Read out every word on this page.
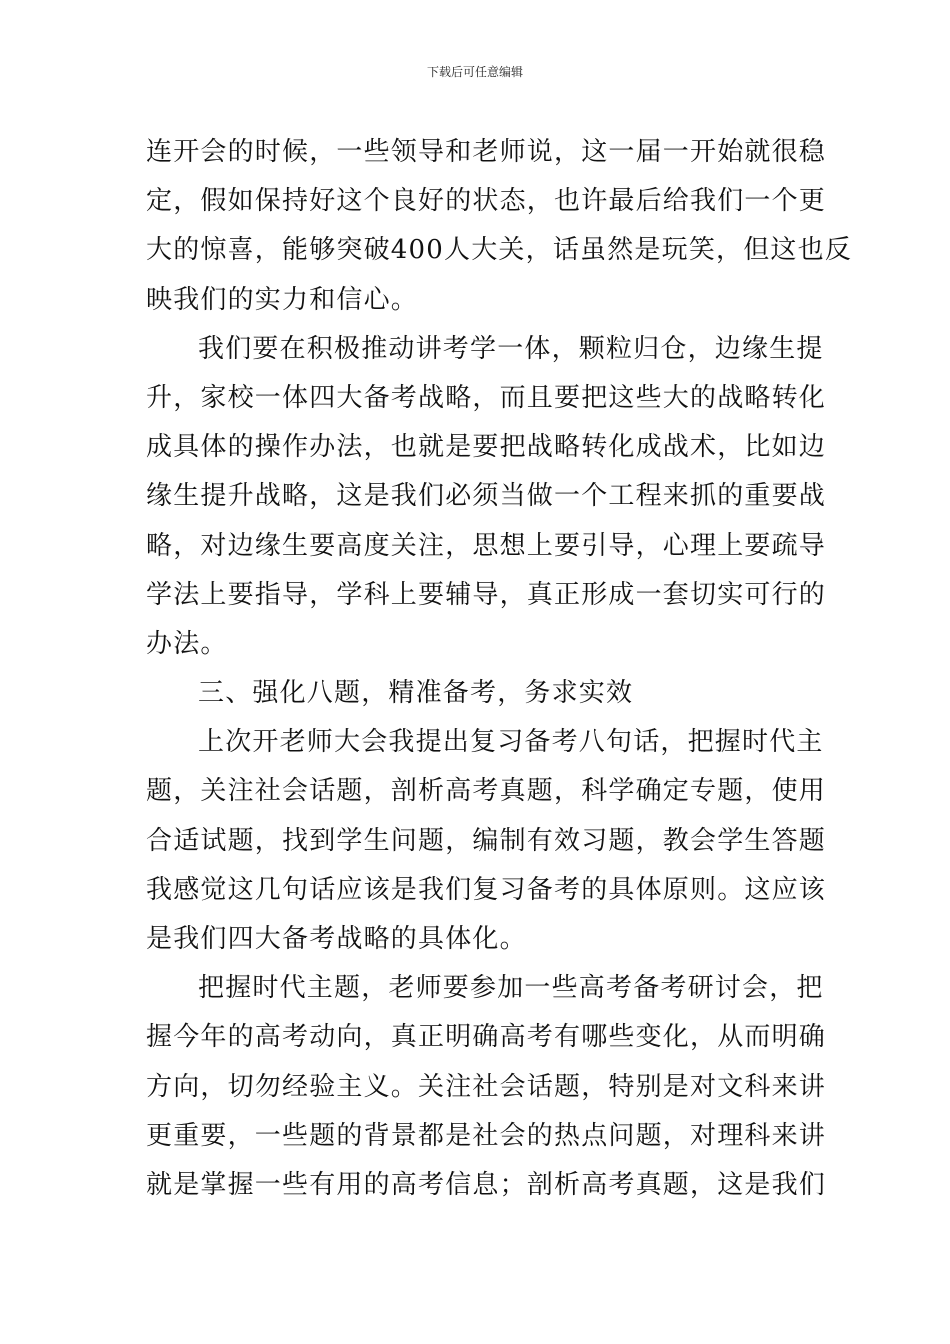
下载后可任意编辑
连开会的时候，一些领导和老师说，这一届一开始就很稳
定，假如保持好这个良好的状态，也许最后给我们一个更
大的惊喜，能够突破400人大关，话虽然是玩笑，但这也反
映我们的实力和信心。
我们要在积极推动讲考学一体，颗粒归仓，边缘生提
升，家校一体四大备考战略，而且要把这些大的战略转化
成具体的操作办法，也就是要把战略转化成战术，比如边
缘生提升战略，这是我们必须当做一个工程来抓的重要战
略，对边缘生要高度关注，思想上要引导，心理上要疏导
学法上要指导，学科上要辅导，真正形成一套切实可行的
办法。
三、强化八题，精准备考，务求实效
上次开老师大会我提出复习备考八句话，把握时代主
题，关注社会话题，剖析高考真题，科学确定专题，使用
合适试题，找到学生问题，编制有效习题，教会学生答题
我感觉这几句话应该是我们复习备考的具体原则。这应该
是我们四大备考战略的具体化。
把握时代主题，老师要参加一些高考备考研讨会，把
握今年的高考动向，真正明确高考有哪些变化，从而明确
方向，切勿经验主义。关注社会话题，特别是对文科来讲
更重要，一些题的背景都是社会的热点问题，对理科来讲
就是掌握一些有用的高考信息；剖析高考真题，这是我们
